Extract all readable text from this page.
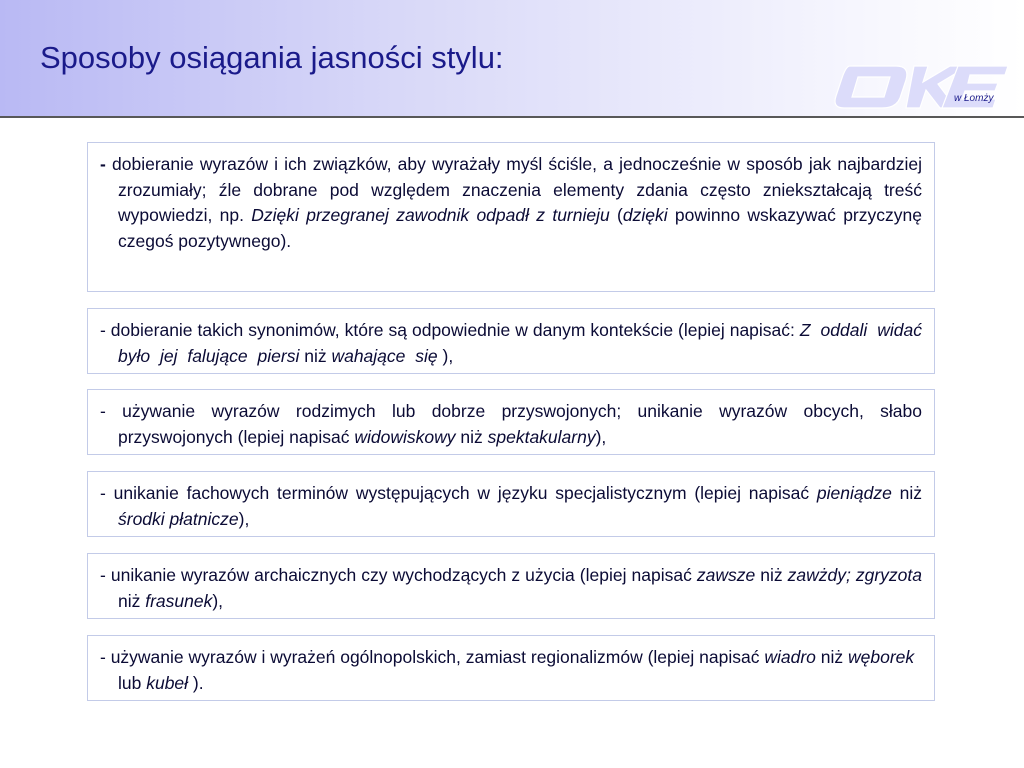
Sposoby osiągania jasności stylu:
w Łomży

- dobieranie wyrazów i ich związków, aby wyrażały myśl ściśle, a jednocześnie w sposób jak najbardziej zrozumiały; źle dobrane pod względem znaczenia elementy zdania często zniekształcają treść wypowiedzi, np. Dzięki przegranej zawodnik odpadł z turnieju (dzięki powinno wskazywać przyczynę czegoś pozytywnego).

- dobieranie takich synonimów, które są odpowiednie w danym kontekście (lepiej napisać: Z oddali widać było jej falujące piersi niż wahające się ),

- używanie wyrazów rodzimych lub dobrze przyswojonych; unikanie wyrazów obcych, słabo przyswojonych (lepiej napisać widowiskowy niż spektakularny),

- unikanie fachowych terminów występujących w języku specjalistycznym (lepiej napisać pieniądze niż środki płatnicze),

- unikanie wyrazów archaicznych czy wychodzących z użycia (lepiej napisać zawsze niż zawżdy; zgryzota niż frasunek),

- używanie wyrazów i wyrażeń ogólnopolskich, zamiast regionalizmów (lepiej napisać wiadro niż węborek lub kubeł ).
